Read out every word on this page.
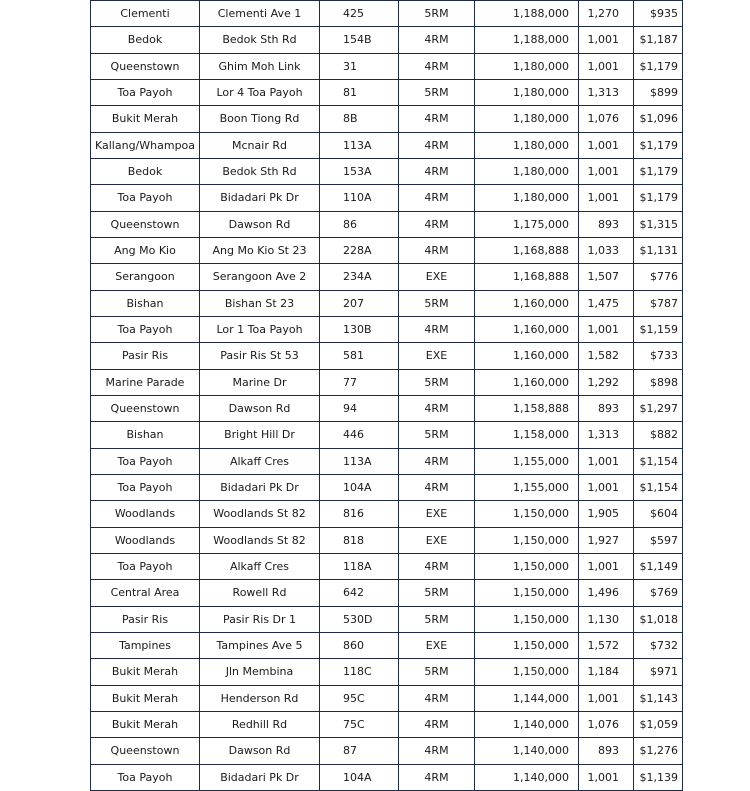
Clementi	Clementi Ave 1	425	5RM	1,188,000	1,270	$935
Bedok	Bedok Sth Rd	154B	4RM	1,188,000	1,001	$1,187
Queenstown	Ghim Moh Link	31	4RM	1,180,000	1,001	$1,179
Toa Payoh	Lor 4 Toa Payoh	81	5RM	1,180,000	1,313	$899
Bukit Merah	Boon Tiong Rd	8B	4RM	1,180,000	1,076	$1,096
Kallang/Whampoa	Mcnair Rd	113A	4RM	1,180,000	1,001	$1,179
Bedok	Bedok Sth Rd	153A	4RM	1,180,000	1,001	$1,179
Toa Payoh	Bidadari Pk Dr	110A	4RM	1,180,000	1,001	$1,179
Queenstown	Dawson Rd	86	4RM	1,175,000	893	$1,315
Ang Mo Kio	Ang Mo Kio St 23	228A	4RM	1,168,888	1,033	$1,131
Serangoon	Serangoon Ave 2	234A	EXE	1,168,888	1,507	$776
Bishan	Bishan St 23	207	5RM	1,160,000	1,475	$787
Toa Payoh	Lor 1 Toa Payoh	130B	4RM	1,160,000	1,001	$1,159
Pasir Ris	Pasir Ris St 53	581	EXE	1,160,000	1,582	$733
Marine Parade	Marine Dr	77	5RM	1,160,000	1,292	$898
Queenstown	Dawson Rd	94	4RM	1,158,888	893	$1,297
Bishan	Bright Hill Dr	446	5RM	1,158,000	1,313	$882
Toa Payoh	Alkaff Cres	113A	4RM	1,155,000	1,001	$1,154
Toa Payoh	Bidadari Pk Dr	104A	4RM	1,155,000	1,001	$1,154
Woodlands	Woodlands St 82	816	EXE	1,150,000	1,905	$604
Woodlands	Woodlands St 82	818	EXE	1,150,000	1,927	$597
Toa Payoh	Alkaff Cres	118A	4RM	1,150,000	1,001	$1,149
Central Area	Rowell Rd	642	5RM	1,150,000	1,496	$769
Pasir Ris	Pasir Ris Dr 1	530D	5RM	1,150,000	1,130	$1,018
Tampines	Tampines Ave 5	860	EXE	1,150,000	1,572	$732
Bukit Merah	Jln Membina	118C	5RM	1,150,000	1,184	$971
Bukit Merah	Henderson Rd	95C	4RM	1,144,000	1,001	$1,143
Bukit Merah	Redhill Rd	75C	4RM	1,140,000	1,076	$1,059
Queenstown	Dawson Rd	87	4RM	1,140,000	893	$1,276
Toa Payoh	Bidadari Pk Dr	104A	4RM	1,140,000	1,001	$1,139
